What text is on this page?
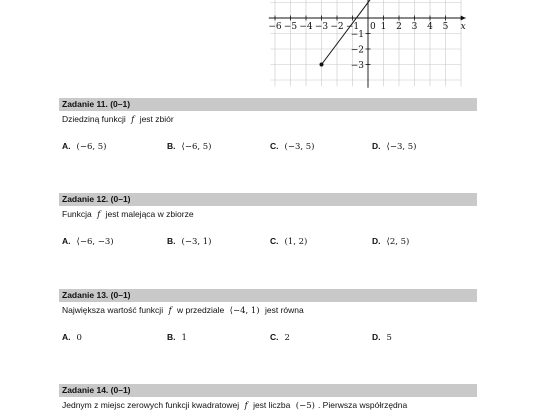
−6 −5 −4 −3 −2 −1 0 1 2 3 4 5 x
−1
−2
−3
Zadanie 11. (0–1)
Dziedziną funkcji f jest zbiór
A. (−6, 5)	B. ⟨−6, 5)	C. (−3, 5)	D. ⟨−3, 5)
Zadanie 12. (0–1)
Funkcja f jest malejąca w zbiorze
A. ⟨−6, −3)	B. (−3, 1)	C. (1, 2)	D. ⟨2, 5)
Zadanie 13. (0–1)
Największa wartość funkcji f w przedziale ⟨−4, 1) jest równa
A. 0	B. 1	C. 2	D. 5
Zadanie 14. (0–1)
Jednym z miejsc zerowych funkcji kwadratowej f jest liczba (−5) . Pierwsza współrzędna
